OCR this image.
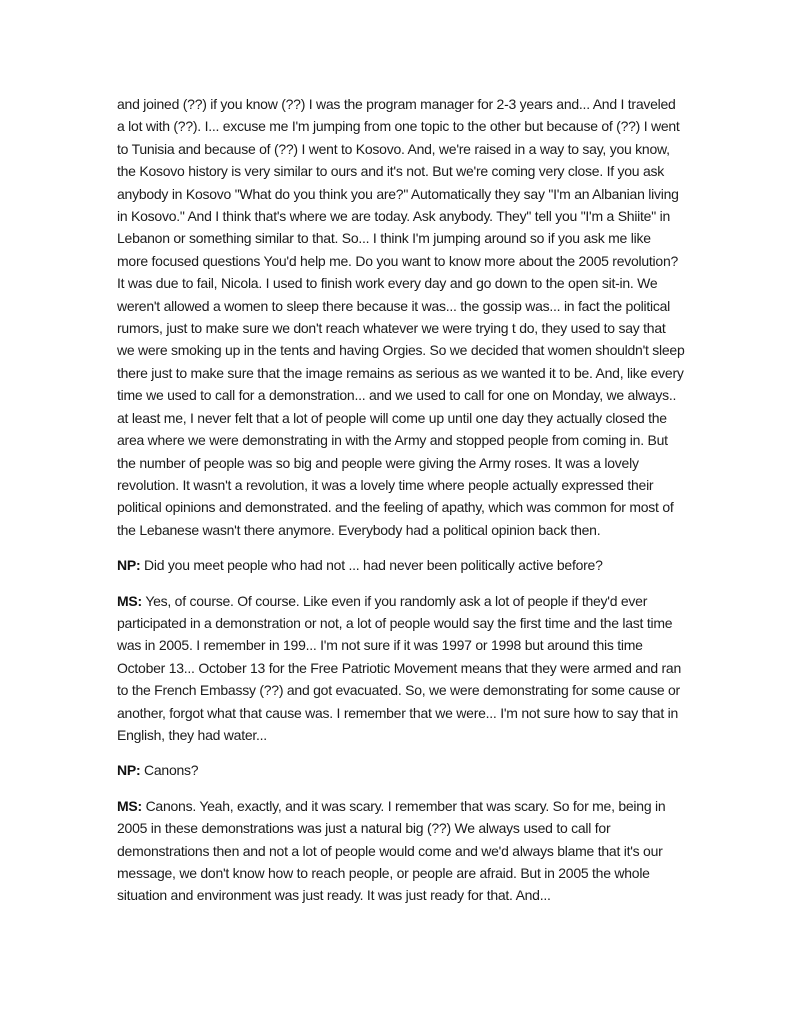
and joined (??) if you know (??) I was the program manager for 2-3 years and... And I traveled a lot with (??). I... excuse me I'm jumping from one topic to the other but because of (??) I went to Tunisia and because of (??) I went to Kosovo. And, we're raised in a way to say, you know, the Kosovo history is very similar to ours and it's not. But we're coming very close. If you ask anybody in Kosovo "What do you think you are?" Automatically they say "I'm an Albanian living in Kosovo." And I think that's where we are today. Ask anybody. They" tell you "I'm a Shiite" in Lebanon or something similar to that. So... I think I'm jumping around so if you ask me like more focused questions You'd help me. Do you want to know more about the 2005 revolution? It was due to fail, Nicola. I used to finish work every day and go down to the open sit-in. We weren't allowed a women to sleep there because it was... the gossip was... in fact the political rumors, just to make sure we don't reach whatever we were trying t do, they used to say that we were smoking up in the tents and having Orgies. So we decided that women shouldn't sleep there just to make sure that the image remains as serious as we wanted it to be. And, like every time we used to call for a demonstration... and we used to call for one on Monday, we always.. at least me, I never felt that a lot of people will come up until one day they actually closed the area where we were demonstrating in with the Army and stopped people from coming in. But the number of people was so big and people were giving the Army roses. It was a lovely revolution. It wasn't a revolution, it was a lovely time where people actually expressed their political opinions and demonstrated. and the feeling of apathy, which was common for most of the Lebanese wasn't there anymore. Everybody had a political opinion back then.

NP: Did you meet people who had not ... had never been politically active before?

MS: Yes, of course. Of course. Like even if you randomly ask a lot of people if they'd ever participated in a demonstration or not, a lot of people would say the first time and the last time was in 2005. I remember in 199... I'm not sure if it was 1997 or 1998 but around this time October 13... October 13 for the Free Patriotic Movement means that they were armed and ran to the French Embassy (??) and got evacuated. So, we were demonstrating for some cause or another, forgot what that cause was. I remember that we were... I'm not sure how to say that in English, they had water...

NP: Canons?

MS: Canons. Yeah, exactly, and it was scary. I remember that was scary. So for me, being in 2005 in these demonstrations was just a natural big (??) We always used to call for demonstrations then and not a lot of people would come and we'd always blame that it's our message, we don't know how to reach people, or people are afraid. But in 2005 the whole situation and environment was just ready. It was just ready for that. And...
